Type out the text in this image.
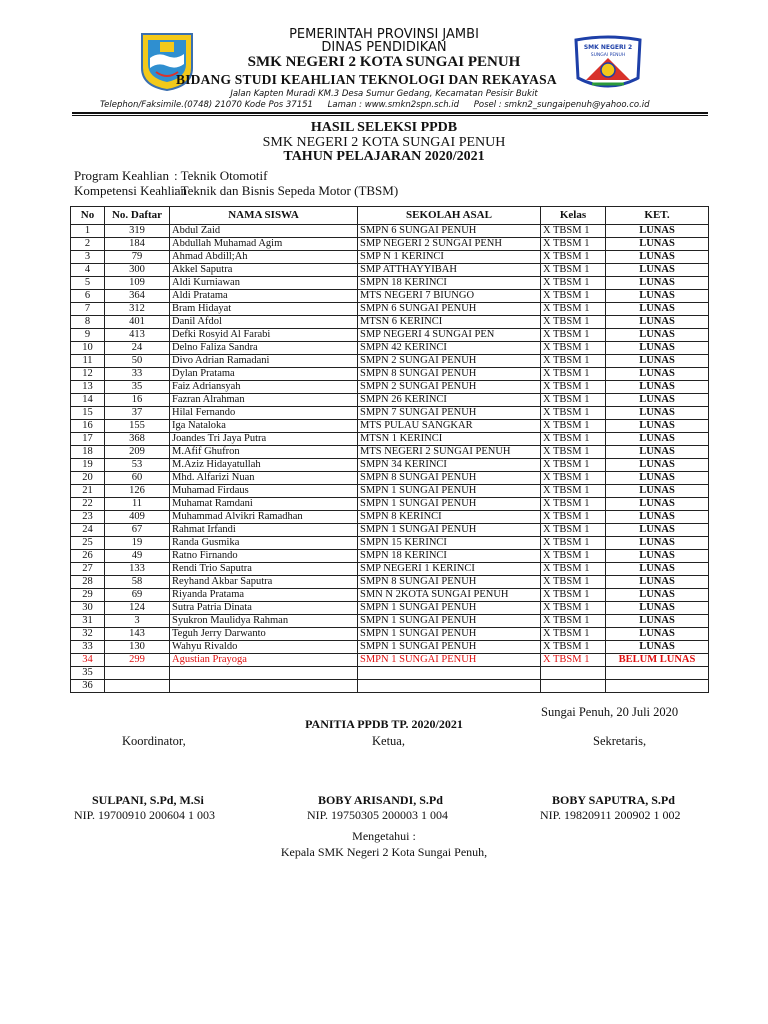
PEMERINTAH PROVINSI JAMBI
DINAS PENDIDIKAN
SMK NEGERI 2 KOTA SUNGAI PENUH
BIDANG STUDI KEAHLIAN TEKNOLOGI DAN REKAYASA
Jalan Kapten Muradi KM.3 Desa Sumur Gedang, Kecamatan Pesisir Bukit
Telephon/Faksimile.(0748) 21070 Kode Pos 37151 Laman : www.smkn2spn.sch.id Posel : smkn2_sungaipenuh@yahoo.co.id
SMK NEGERI 2
SUNGAI PENUH
HASIL SELEKSI PPDB
SMK NEGERI 2 KOTA SUNGAI PENUH
TAHUN PELAJARAN 2020/2021
Program Keahlian : Teknik Otomotif
Kompetensi Keahlian: Teknik dan Bisnis Sepeda Motor (TBSM)
No	No. Daftar	NAMA SISWA	SEKOLAH ASAL	Kelas	KET.
1	319	Abdul Zaid	SMPN 6 SUNGAI PENUH	X TBSM 1	LUNAS
2	184	Abdullah Muhamad Agim	SMP NEGERI 2 SUNGAI PENH	X TBSM 1	LUNAS
3	79	Ahmad Abdill;Ah	SMP N 1 KERINCI	X TBSM 1	LUNAS
4	300	Akkel Saputra	SMP ATTHAYYIBAH	X TBSM 1	LUNAS
5	109	Aldi Kurniawan	SMPN 18 KERINCI	X TBSM 1	LUNAS
6	364	Aldi Pratama	MTS NEGERI 7 BIUNGO	X TBSM 1	LUNAS
7	312	Bram Hidayat	SMPN 6 SUNGAI PENUH	X TBSM 1	LUNAS
8	401	Danil Afdol	MTSN 6 KERINCI	X TBSM 1	LUNAS
9	413	Defki Rosyid Al Farabi	SMP NEGERI 4 SUNGAI PEN	X TBSM 1	LUNAS
10	24	Delno Faliza Sandra	SMPN 42 KERINCI	X TBSM 1	LUNAS
11	50	Divo Adrian Ramadani	SMPN 2 SUNGAI PENUH	X TBSM 1	LUNAS
12	33	Dylan Pratama	SMPN 8 SUNGAI PENUH	X TBSM 1	LUNAS
13	35	Faiz Adriansyah	SMPN 2 SUNGAI PENUH	X TBSM 1	LUNAS
14	16	Fazran Alrahman	SMPN 26 KERINCI	X TBSM 1	LUNAS
15	37	Hilal Fernando	SMPN 7 SUNGAI PENUH	X TBSM 1	LUNAS
16	155	Iga Nataloka	MTS PULAU SANGKAR	X TBSM 1	LUNAS
17	368	Joandes Tri Jaya Putra	MTSN 1 KERINCI	X TBSM 1	LUNAS
18	209	M.Afif Ghufron	MTS NEGERI 2 SUNGAI PENUH	X TBSM 1	LUNAS
19	53	M.Aziz Hidayatullah	SMPN 34 KERINCI	X TBSM 1	LUNAS
20	60	Mhd. Alfarizi Nuan	SMPN 8 SUNGAI PENUH	X TBSM 1	LUNAS
21	126	Muhamad Firdaus	SMPN 1 SUNGAI PENUH	X TBSM 1	LUNAS
22	11	Muhamat Ramdani	SMPN 1 SUNGAI PENUH	X TBSM 1	LUNAS
23	409	Muhammad Alvikri Ramadhan	SMPN 8 KERINCI	X TBSM 1	LUNAS
24	67	Rahmat Irfandi	SMPN 1 SUNGAI PENUH	X TBSM 1	LUNAS
25	19	Randa Gusmika	SMPN 15 KERINCI	X TBSM 1	LUNAS
26	49	Ratno Firnando	SMPN 18 KERINCI	X TBSM 1	LUNAS
27	133	Rendi Trio Saputra	SMP NEGERI 1 KERINCI	X TBSM 1	LUNAS
28	58	Reyhand Akbar Saputra	SMPN 8 SUNGAI PENUH	X TBSM 1	LUNAS
29	69	Riyanda Pratama	SMN N 2KOTA SUNGAI PENUH	X TBSM 1	LUNAS
30	124	Sutra Patria Dinata	SMPN 1 SUNGAI PENUH	X TBSM 1	LUNAS
31	3	Syukron Maulidya Rahman	SMPN 1 SUNGAI PENUH	X TBSM 1	LUNAS
32	143	Teguh Jerry Darwanto	SMPN 1 SUNGAI PENUH	X TBSM 1	LUNAS
33	130	Wahyu Rivaldo	SMPN 1 SUNGAI PENUH	X TBSM 1	LUNAS
34	299	Agustian Prayoga	SMPN 1 SUNGAI PENUH	X TBSM 1	BELUM LUNAS
35					
36					
Sungai Penuh, 20 Juli 2020
PANITIA PPDB TP. 2020/2021
Koordinator,	Ketua,	Sekretaris,
SULPANI, S.Pd, M.Si
NIP. 19700910 200604 1 003
BOBY ARISANDI, S.Pd
NIP. 19750305 200003 1 004
BOBY SAPUTRA, S.Pd
NIP. 19820911 200902 1 002
Mengetahui :
Kepala SMK Negeri 2 Kota Sungai Penuh,
